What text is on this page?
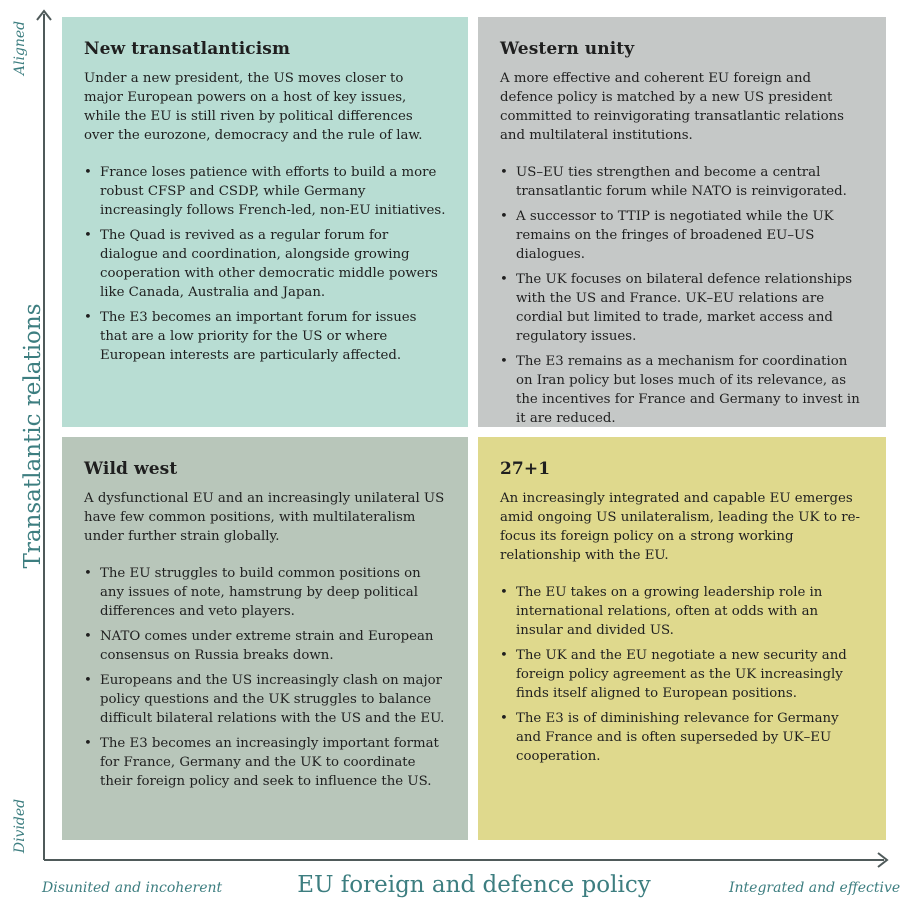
Transatlantic relations
Aligned
Divided
Disunited and incoherent	EU foreign and defence policy	Integrated and effective
New transatlanticism

Under a new president, the US moves closer to major European powers on a host of key issues, while the EU is still riven by political differences over the eurozone, democracy and the rule of law.

• France loses patience with efforts to build a more robust CFSP and CSDP, while Germany increasingly follows French-led, non-EU initiatives.
• The Quad is revived as a regular forum for dialogue and coordination, alongside growing cooperation with other democratic middle powers like Canada, Australia and Japan.
• The E3 becomes an important forum for issues that are a low priority for the US or where European interests are particularly affected.
Western unity

A more effective and coherent EU foreign and defence policy is matched by a new US president committed to reinvigorating transatlantic relations and multilateral institutions.

• US–EU ties strengthen and become a central transatlantic forum while NATO is reinvigorated.
• A successor to TTIP is negotiated while the UK remains on the fringes of broadened EU–US dialogues.
• The UK focuses on bilateral defence relationships with the US and France. UK–EU relations are cordial but limited to trade, market access and regulatory issues.
• The E3 remains as a mechanism for coordination on Iran policy but loses much of its relevance, as the incentives for France and Germany to invest in it are reduced.
Wild west

A dysfunctional EU and an increasingly unilateral US have few common positions, with multilateralism under further strain globally.

• The EU struggles to build common positions on any issues of note, hamstrung by deep political differences and veto players.
• NATO comes under extreme strain and European consensus on Russia breaks down.
• Europeans and the US increasingly clash on major policy questions and the UK struggles to balance difficult bilateral relations with the US and the EU.
• The E3 becomes an increasingly important format for France, Germany and the UK to coordinate their foreign policy and seek to influence the US.
27+1

An increasingly integrated and capable EU emerges amid ongoing US unilateralism, leading the UK to re-focus its foreign policy on a strong working relationship with the EU.

• The EU takes on a growing leadership role in international relations, often at odds with an insular and divided US.
• The UK and the EU negotiate a new security and foreign policy agreement as the UK increasingly finds itself aligned to European positions.
• The E3 is of diminishing relevance for Germany and France and is often superseded by UK–EU cooperation.
